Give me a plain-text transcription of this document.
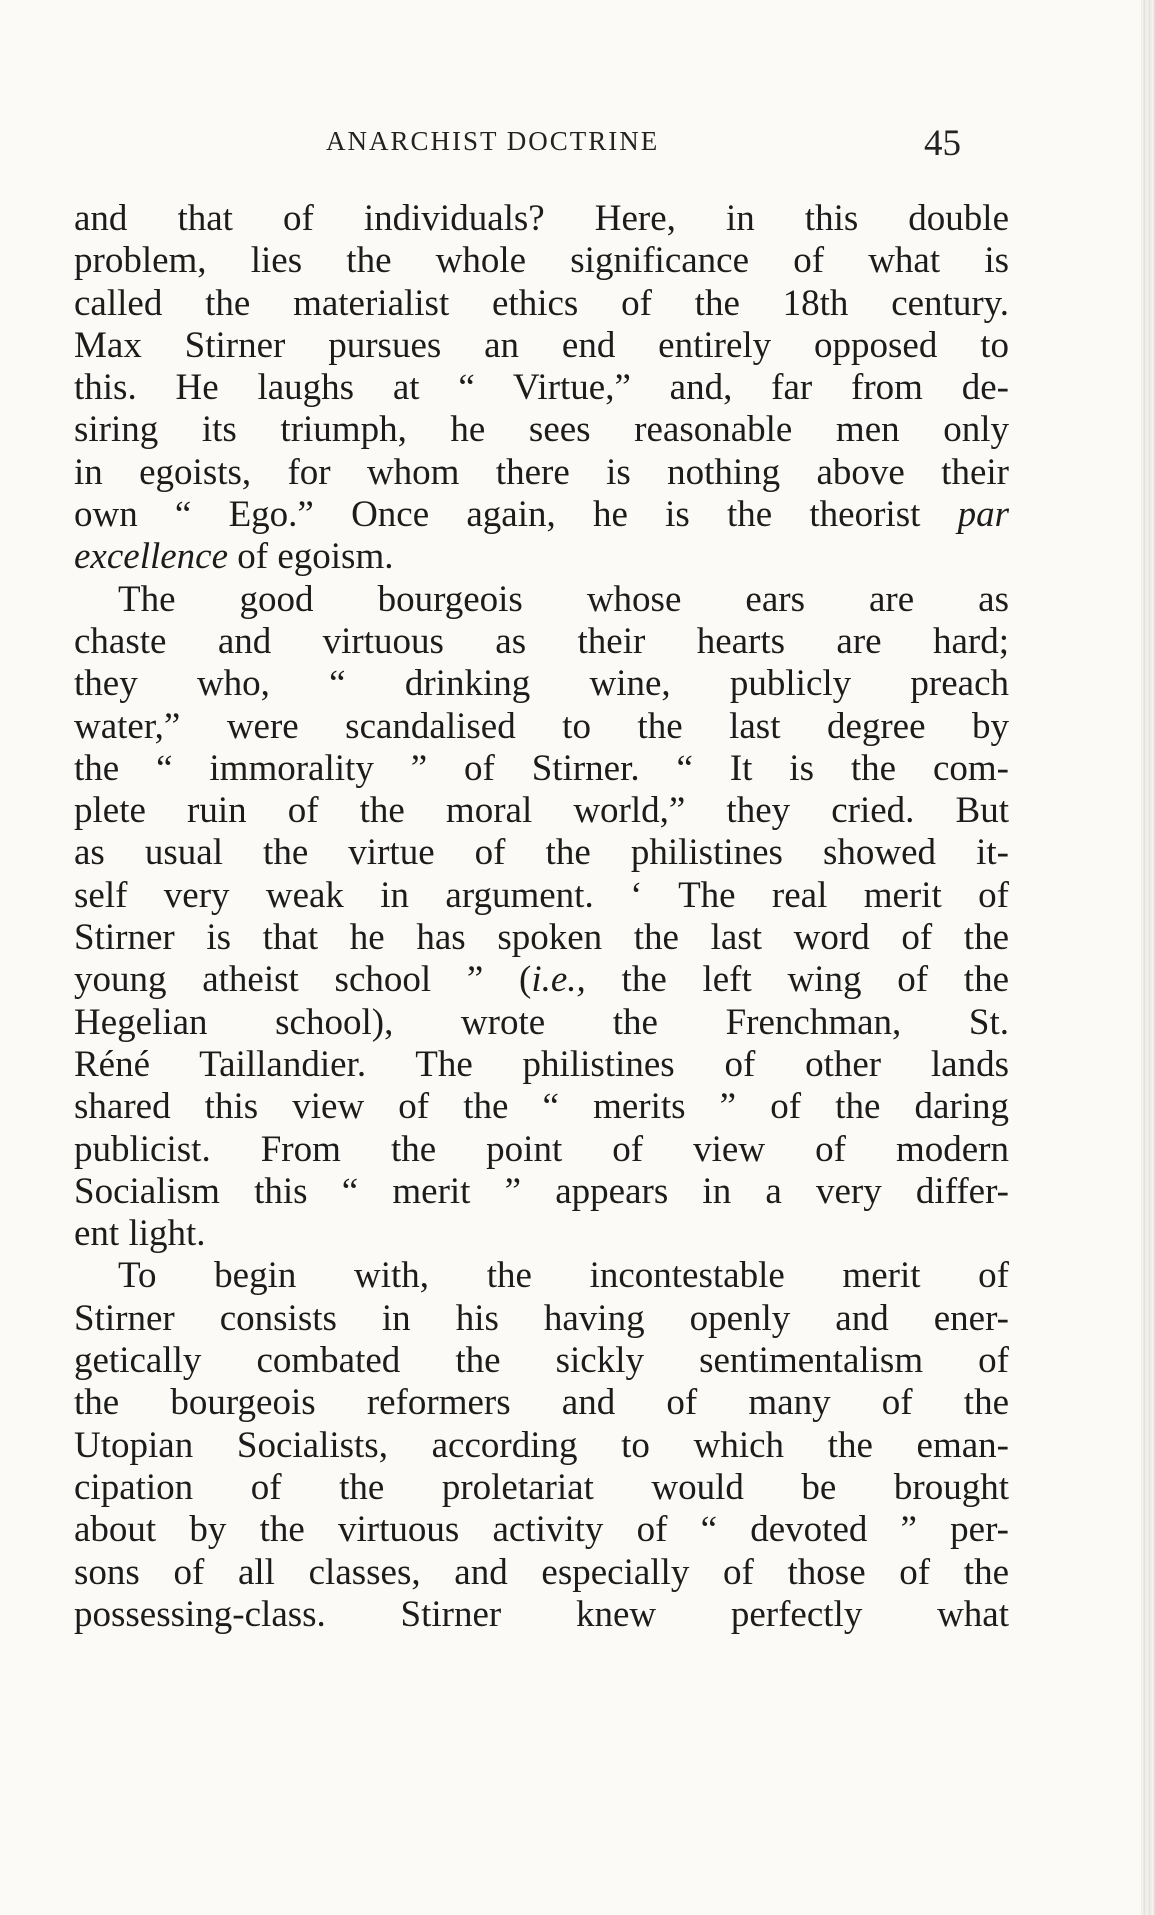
ANARCHIST DOCTRINE	45
and that of individuals? Here, in this double
problem, lies the whole significance of what is
called the materialist ethics of the 18th century.
Max Stirner pursues an end entirely opposed to
this. He laughs at “ Virtue,” and, far from de-
siring its triumph, he sees reasonable men only
in egoists, for whom there is nothing above their
own “ Ego.” Once again, he is the theorist par
excellence of egoism.
The good bourgeois whose ears are as
chaste and virtuous as their hearts are hard;
they who, “ drinking wine, publicly preach
water,” were scandalised to the last degree by
the “ immorality ” of Stirner. “ It is the com-
plete ruin of the moral world,” they cried. But
as usual the virtue of the philistines showed it-
self very weak in argument. ‘ The real merit of
Stirner is that he has spoken the last word of the
young atheist school ” (i.e., the left wing of the
Hegelian school), wrote the Frenchman, St.
Réné Taillandier. The philistines of other lands
shared this view of the “ merits ” of the daring
publicist. From the point of view of modern
Socialism this “ merit ” appears in a very differ-
ent light.
To begin with, the incontestable merit of
Stirner consists in his having openly and ener-
getically combated the sickly sentimentalism of
the bourgeois reformers and of many of the
Utopian Socialists, according to which the eman-
cipation of the proletariat would be brought
about by the virtuous activity of “ devoted ” per-
sons of all classes, and especially of those of the
possessing-class. Stirner knew perfectly what
